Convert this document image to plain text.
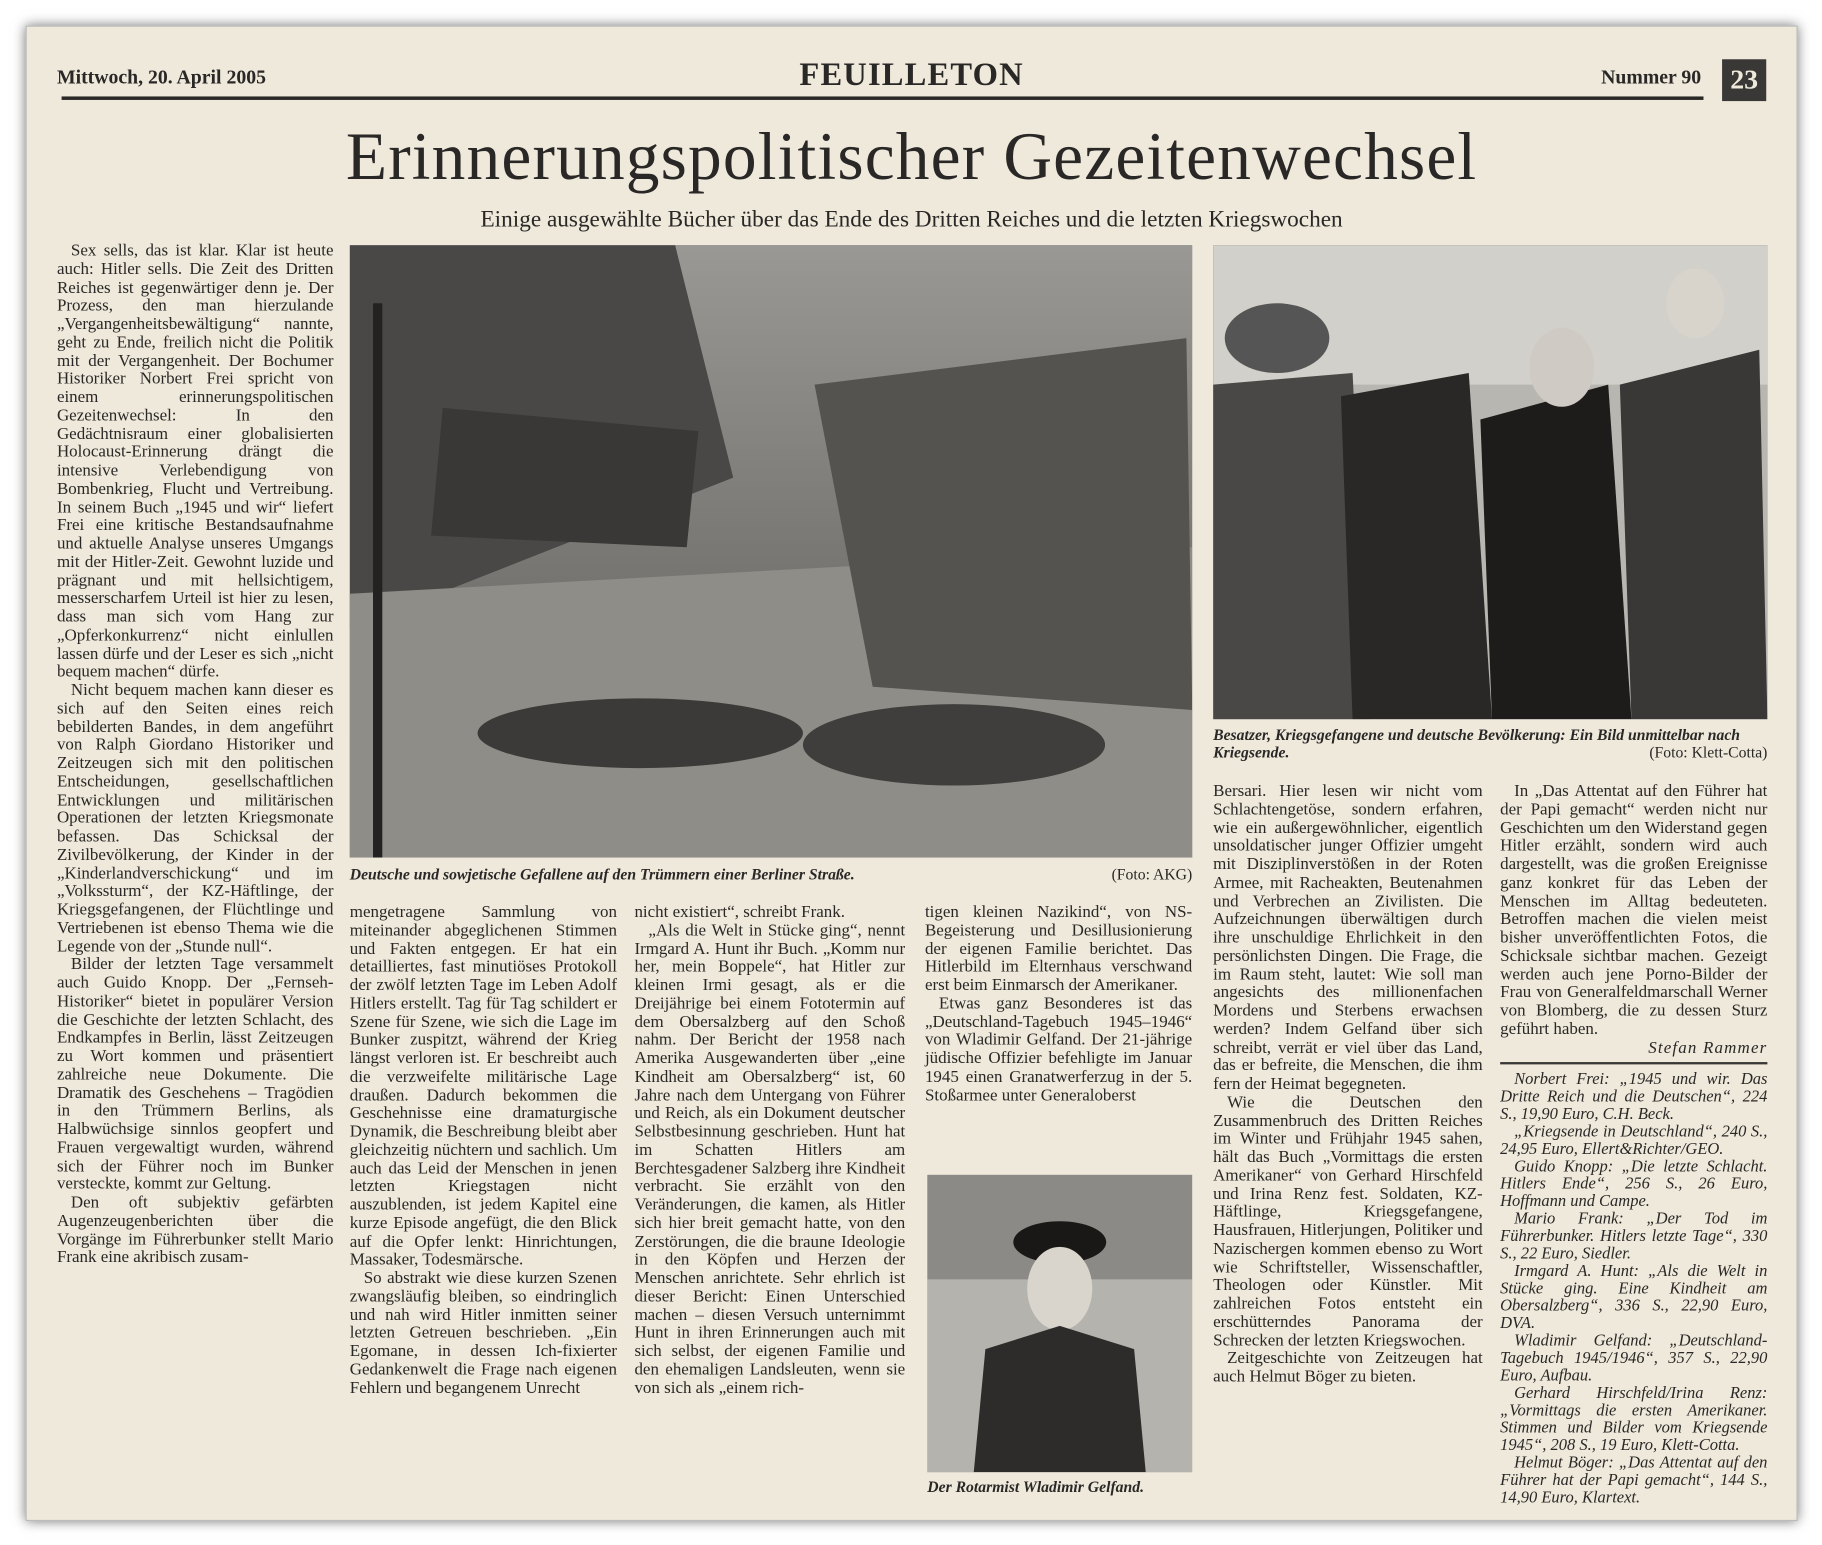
Mittwoch, 20. April 2005	FEUILLETON	Nummer 90	23
Erinnerungspolitischer Gezeitenwechsel
Einige ausgewählte Bücher über das Ende des Dritten Reiches und die letzten Kriegswochen

Sex sells, das ist klar. Klar ist heute auch: Hitler sells. Die Zeit des Dritten Reiches ist gegenwärtiger denn je. Der Prozess, den man hierzulande „Vergangenheitsbewältigung“ nannte, geht zu Ende, freilich nicht die Politik mit der Vergangenheit. Der Bochumer Historiker Norbert Frei spricht von einem erinnerungspolitischen Gezeitenwechsel: In den Gedächtnisraum einer globalisierten Holocaust-Erinnerung drängt die intensive Verlebendigung von Bombenkrieg, Flucht und Vertreibung. In seinem Buch „1945 und wir“ liefert Frei eine kritische Bestandsaufnahme und aktuelle Analyse unseres Umgangs mit der Hitler-Zeit. Gewohnt luzide und prägnant und mit hellsichtigem, messerscharfem Urteil ist hier zu lesen, dass man sich vom Hang zur „Opferkonkurrenz“ nicht einlullen lassen dürfe und der Leser es sich „nicht bequem machen“ dürfe.

Nicht bequem machen kann dieser es sich auf den Seiten eines reich bebilderten Bandes, in dem angeführt von Ralph Giordano Historiker und Zeitzeugen sich mit den politischen Entscheidungen, gesellschaftlichen Entwicklungen und militärischen Operationen der letzten Kriegsmonate befassen. Das Schicksal der Zivilbevölkerung, der Kinder in der „Kinderlandverschickung“ und im „Volkssturm“, der KZ-Häftlinge, der Kriegsgefangenen, der Flüchtlinge und Vertriebenen ist ebenso Thema wie die Legende von der „Stunde null“.

Bilder der letzten Tage versammelt auch Guido Knopp. Der „Fernseh-Historiker“ bietet in populärer Version die Geschichte der letzten Schlacht, des Endkampfes in Berlin, lässt Zeitzeugen zu Wort kommen und präsentiert zahlreiche neue Dokumente. Die Dramatik des Geschehens – Tragödien in den Trümmern Berlins, als Halbwüchsige sinnlos geopfert und Frauen vergewaltigt wurden, während sich der Führer noch im Bunker versteckte, kommt zur Geltung.

Den oft subjektiv gefärbten Augenzeugenberichten über die Vorgänge im Führerbunker stellt Mario Frank eine akribisch zusam-

Deutsche und sowjetische Gefallene auf den Trümmern einer Berliner Straße.	(Foto: AKG)
Besatzer, Kriegsgefangene und deutsche Bevölkerung: Ein Bild unmittelbar nach Kriegsende.	(Foto: Klett-Cotta)

mengetragene Sammlung von miteinander abgeglichenen Stimmen und Fakten entgegen. Er hat ein detailliertes, fast minutiöses Protokoll der zwölf letzten Tage im Leben Adolf Hitlers erstellt. Tag für Tag schildert er Szene für Szene, wie sich die Lage im Bunker zuspitzt, während der Krieg längst verloren ist. Er beschreibt auch die verzweifelte militärische Lage draußen. Dadurch bekommen die Geschehnisse eine dramaturgische Dynamik, die Beschreibung bleibt aber gleichzeitig nüchtern und sachlich. Um auch das Leid der Menschen in jenen letzten Kriegstagen nicht auszublenden, ist jedem Kapitel eine kurze Episode angefügt, die den Blick auf die Opfer lenkt: Hinrichtungen, Massaker, Todesmärsche.

So abstrakt wie diese kurzen Szenen zwangsläufig bleiben, so eindringlich und nah wird Hitler inmitten seiner letzten Getreuen beschrieben. „Ein Egomane, in dessen Ich-fixierter Gedankenwelt die Frage nach eigenen Fehlern und begangenem Unrecht

nicht existiert“, schreibt Frank.

„Als die Welt in Stücke ging“, nennt Irmgard A. Hunt ihr Buch. „Komm nur her, mein Boppele“, hat Hitler zur kleinen Irmi gesagt, als er die Dreijährige bei einem Fototermin auf dem Obersalzberg auf den Schoß nahm. Der Bericht der 1958 nach Amerika Ausgewanderten über „eine Kindheit am Obersalzberg“ ist, 60 Jahre nach dem Untergang von Führer und Reich, als ein Dokument deutscher Selbstbesinnung geschrieben. Hunt hat im Schatten Hitlers am Berchtesgadener Salzberg ihre Kindheit verbracht. Sie erzählt von den Veränderungen, die kamen, als Hitler sich hier breit gemacht hatte, von den Zerstörungen, die die braune Ideologie in den Köpfen und Herzen der Menschen anrichtete. Sehr ehrlich ist dieser Bericht: Einen Unterschied machen – diesen Versuch unternimmt Hunt in ihren Erinnerungen auch mit sich selbst, der eigenen Familie und den ehemaligen Landsleuten, wenn sie von sich als „einem rich-

tigen kleinen Nazikind“, von NS-Begeisterung und Desillusionierung der eigenen Familie berichtet. Das Hitlerbild im Elternhaus verschwand erst beim Einmarsch der Amerikaner.

Etwas ganz Besonderes ist das „Deutschland-Tagebuch 1945–1946“ von Wladimir Gelfand. Der 21-jährige jüdische Offizier befehligte im Januar 1945 einen Granatwerferzug in der 5. Stoßarmee unter Generaloberst

Der Rotarmist Wladimir Gelfand.

Bersari. Hier lesen wir nicht vom Schlachtengetöse, sondern erfahren, wie ein außergewöhnlicher, eigentlich unsoldatischer junger Offizier umgeht mit Disziplinverstößen in der Roten Armee, mit Racheakten, Beutenahmen und Verbrechen an Zivilisten. Die Aufzeichnungen überwältigen durch ihre unschuldige Ehrlichkeit in den persönlichsten Dingen. Die Frage, die im Raum steht, lautet: Wie soll man angesichts des millionenfachen Mordens und Sterbens erwachsen werden? Indem Gelfand über sich schreibt, verrät er viel über das Land, das er befreite, die Menschen, die ihm fern der Heimat begegneten.

Wie die Deutschen den Zusammenbruch des Dritten Reiches im Winter und Frühjahr 1945 sahen, hält das Buch „Vormittags die ersten Amerikaner“ von Gerhard Hirschfeld und Irina Renz fest. Soldaten, KZ-Häftlinge, Kriegsgefangene, Hausfrauen, Hitlerjungen, Politiker und Nazischergen kommen ebenso zu Wort wie Schriftsteller, Wissenschaftler, Theologen oder Künstler. Mit zahlreichen Fotos entsteht ein erschütterndes Panorama der Schrecken der letzten Kriegswochen.

Zeitgeschichte von Zeitzeugen hat auch Helmut Böger zu bieten.

In „Das Attentat auf den Führer hat der Papi gemacht“ werden nicht nur Geschichten um den Widerstand gegen Hitler erzählt, sondern wird auch dargestellt, was die großen Ereignisse ganz konkret für das Leben der Menschen im Alltag bedeuteten. Betroffen machen die vielen meist bisher unveröffentlichten Fotos, die Schicksale sichtbar machen. Gezeigt werden auch jene Porno-Bilder der Frau von Generalfeldmarschall Werner von Blomberg, die zu dessen Sturz geführt haben.

Stefan Rammer

Norbert Frei: „1945 und wir. Das Dritte Reich und die Deutschen“, 224 S., 19,90 Euro, C.H. Beck.

„Kriegsende in Deutschland“, 240 S., 24,95 Euro, Ellert&Richter/GEO.

Guido Knopp: „Die letzte Schlacht. Hitlers Ende“, 256 S., 26 Euro, Hoffmann und Campe.

Mario Frank: „Der Tod im Führerbunker. Hitlers letzte Tage“, 330 S., 22 Euro, Siedler.

Irmgard A. Hunt: „Als die Welt in Stücke ging. Eine Kindheit am Obersalzberg“, 336 S., 22,90 Euro, DVA.

Wladimir Gelfand: „Deutschland-Tagebuch 1945/1946“, 357 S., 22,90 Euro, Aufbau.

Gerhard Hirschfeld/Irina Renz: „Vormittags die ersten Amerikaner. Stimmen und Bilder vom Kriegsende 1945“, 208 S., 19 Euro, Klett-Cotta.

Helmut Böger: „Das Attentat auf den Führer hat der Papi gemacht“, 144 S., 14,90 Euro, Klartext.
